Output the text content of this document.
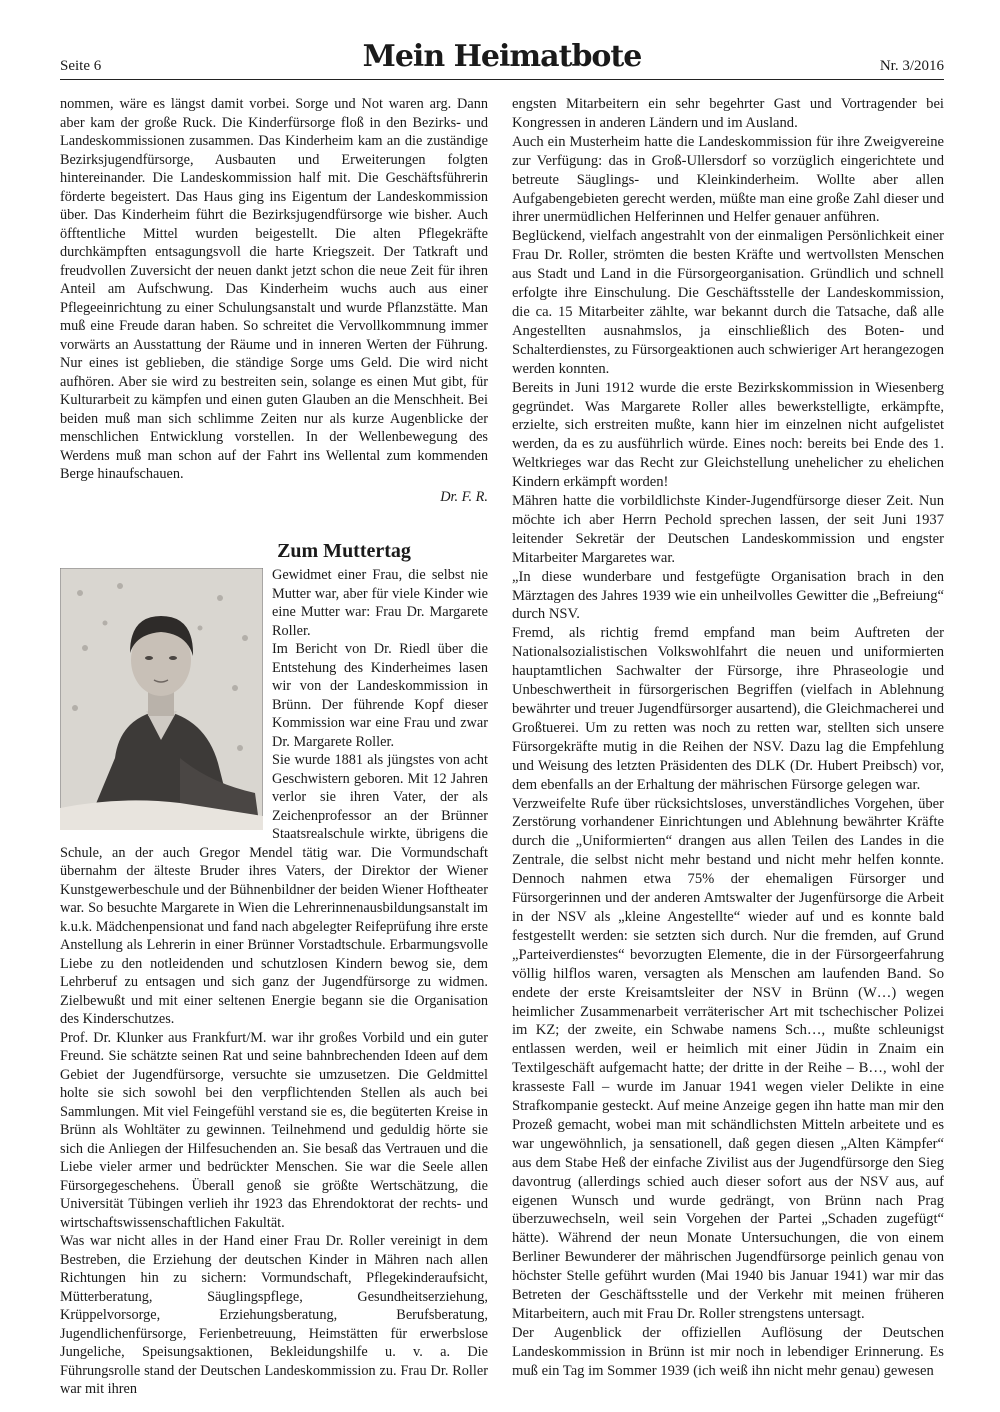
Seite 6	Mein Heimatbote	Nr. 3/2016

nommen, wäre es längst damit vorbei. Sorge und Not waren arg. Dann aber kam der große Ruck. Die Kinderfürsorge floß in den Bezirks- und Landeskommissionen zusammen. Das Kinderheim kam an die zuständige Bezirksjugendfürsorge, Ausbauten und Erweiterungen folgten hintereinander. Die Landeskommission half mit. Die Geschäftsführerin förderte begeistert. Das Haus ging ins Eigentum der Landeskommission über. Das Kinderheim führt die Bezirksjugendfürsorge wie bisher. Auch öfftentliche Mittel wurden beigestellt. Die alten Pflegekräfte durchkämpften entsagungsvoll die harte Kriegszeit. Der Tatkraft und freudvollen Zuversicht der neuen dankt jetzt schon die neue Zeit für ihren Anteil am Aufschwung. Das Kinderheim wuchs auch aus einer Pflegeeinrichtung zu einer Schulungsanstalt und wurde Pflanzstätte. Man muß eine Freude daran haben. So schreitet die Vervollkommnung immer vorwärts an Ausstattung der Räume und in inneren Werten der Führung. Nur eines ist geblieben, die ständige Sorge ums Geld. Die wird nicht aufhören. Aber sie wird zu bestreiten sein, solange es einen Mut gibt, für Kulturarbeit zu kämpfen und einen guten Glauben an die Menschheit. Bei beiden muß man sich schlimme Zeiten nur als kurze Augenblicke der menschlichen Entwicklung vorstellen. In der Wellenbewegung des Werdens muß man schon auf der Fahrt ins Wellental zum kommenden Berge hinaufschauen.

Dr. F. R.
Zum Muttertag

Gewidmet einer Frau, die selbst nie Mutter war, aber für viele Kinder wie eine Mutter war: Frau Dr. Margarete Roller.

Im Bericht von Dr. Riedl über die Entstehung des Kinderheimes lasen wir von der Landeskommission in Brünn. Der führende Kopf dieser Kommission war eine Frau und zwar Dr. Margarete Roller.

Sie wurde 1881 als jüngstes von acht Geschwistern geboren. Mit 12 Jahren verlor sie ihren Vater, der als Zeichenprofessor an der Brünner Staatsrealschule wirkte, übrigens die Schule, an der auch Gregor Mendel tätig war. Die Vormundschaft übernahm der älteste Bruder ihres Vaters, der Direktor der Wiener Kunstgewerbeschule und der Bühnenbildner der beiden Wiener Hoftheater war. So besuchte Margarete in Wien die Lehrerinnenausbildungsanstalt im k.u.k. Mädchenpensionat und fand nach abgelegter Reifeprüfung ihre erste Anstellung als Lehrerin in einer Brünner Vorstadtschule. Erbarmungsvolle Liebe zu den notleidenden und schutzlosen Kindern bewog sie, dem Lehrberuf zu entsagen und sich ganz der Jugendfürsorge zu widmen. Zielbewußt und mit einer seltenen Energie begann sie die Organisation des Kinderschutzes.

Prof. Dr. Klunker aus Frankfurt/M. war ihr großes Vorbild und ein guter Freund. Sie schätzte seinen Rat und seine bahnbrechenden Ideen auf dem Gebiet der Jugendfürsorge, versuchte sie umzusetzen. Die Geldmittel holte sie sich sowohl bei den verpflichtenden Stellen als auch bei Sammlungen. Mit viel Feingefühl verstand sie es, die begüterten Kreise in Brünn als Wohltäter zu gewinnen. Teilnehmend und geduldig hörte sie sich die Anliegen der Hilfesuchenden an. Sie besaß das Vertrauen und die Liebe vieler armer und bedrückter Menschen. Sie war die Seele allen Fürsorgegeschehens. Überall genoß sie größte Wertschätzung, die Universität Tübingen verlieh ihr 1923 das Ehrendoktorat der rechts- und wirtschaftswissenschaftlichen Fakultät.

Was war nicht alles in der Hand einer Frau Dr. Roller vereinigt in dem Bestreben, die Erziehung der deutschen Kinder in Mähren nach allen Richtungen hin zu sichern: Vormundschaft, Pflegekinderaufsicht, Mütterberatung, Säuglingspflege, Gesundheitserziehung, Krüppelvorsorge, Erziehungsberatung, Berufsberatung, Jugendlichenfürsorge, Ferienbetreuung, Heimstätten für erwerbslose Jungeliche, Speisungsaktionen, Bekleidungshilfe u. v. a. Die Führungsrolle stand der Deutschen Landeskommission zu. Frau Dr. Roller war mit ihren

engsten Mitarbeitern ein sehr begehrter Gast und Vortragender bei Kongressen in anderen Ländern und im Ausland.

Auch ein Musterheim hatte die Landeskommission für ihre Zweigvereine zur Verfügung: das in Groß-Ullersdorf so vorzüglich eingerichtete und betreute Säuglings- und Kleinkinderheim. Wollte aber allen Aufgabengebieten gerecht werden, müßte man eine große Zahl dieser und ihrer unermüdlichen Helferinnen und Helfer genauer anführen.

Beglückend, vielfach angestrahlt von der einmaligen Persönlichkeit einer Frau Dr. Roller, strömten die besten Kräfte und wertvollsten Menschen aus Stadt und Land in die Fürsorgeorganisation. Gründlich und schnell erfolgte ihre Einschulung. Die Geschäftsstelle der Landeskommission, die ca. 15 Mitarbeiter zählte, war bekannt durch die Tatsache, daß alle Angestellten ausnahmslos, ja einschließlich des Boten- und Schalterdienstes, zu Fürsorgeaktionen auch schwieriger Art herangezogen werden konnten.

Bereits in Juni 1912 wurde die erste Bezirkskommission in Wiesenberg gegründet. Was Margarete Roller alles bewerkstelligte, erkämpfte, erzielte, sich erstreiten mußte, kann hier im einzelnen nicht aufgelistet werden, da es zu ausführlich würde. Eines noch: bereits bei Ende des 1. Weltkrieges war das Recht zur Gleichstellung unehelicher zu ehelichen Kindern erkämpft worden!

Mähren hatte die vorbildlichste Kinder-Jugendfürsorge dieser Zeit. Nun möchte ich aber Herrn Pechold sprechen lassen, der seit Juni 1937 leitender Sekretär der Deutschen Landeskommission und engster Mitarbeiter Margaretes war.

„In diese wunderbare und festgefügte Organisation brach in den Märztagen des Jahres 1939 wie ein unheilvolles Gewitter die „Befreiung“ durch NSV.

Fremd, als richtig fremd empfand man beim Auftreten der Nationalsozialistischen Volkswohlfahrt die neuen und uniformierten hauptamtlichen Sachwalter der Fürsorge, ihre Phraseologie und Unbeschwertheit in fürsorgerischen Begriffen (vielfach in Ablehnung bewährter und treuer Jugendfürsorger ausartend), die Gleichmacherei und Großtuerei. Um zu retten was noch zu retten war, stellten sich unsere Fürsorgekräfte mutig in die Reihen der NSV. Dazu lag die Empfehlung und Weisung des letzten Präsidenten des DLK (Dr. Hubert Preibsch) vor, dem ebenfalls an der Erhaltung der mährischen Fürsorge gelegen war.

Verzweifelte Rufe über rücksichtsloses, unverständliches Vorgehen, über Zerstörung vorhandener Einrichtungen und Ablehnung bewährter Kräfte durch die „Uniformierten“ drangen aus allen Teilen des Landes in die Zentrale, die selbst nicht mehr bestand und nicht mehr helfen konnte. Dennoch nahmen etwa 75% der ehemaligen Fürsorger und Fürsorgerinnen und der anderen Amtswalter der Jugenfürsorge die Arbeit in der NSV als „kleine Angestellte“ wieder auf und es konnte bald festgestellt werden: sie setzten sich durch. Nur die fremden, auf Grund „Parteiverdienstes“ bevorzugten Elemente, die in der Fürsorgeerfahrung völlig hilflos waren, versagten als Menschen am laufenden Band. So endete der erste Kreisamtsleiter der NSV in Brünn (W…) wegen heimlicher Zusammenarbeit verräterischer Art mit tschechischer Polizei im KZ; der zweite, ein Schwabe namens Sch…, mußte schleunigst entlassen werden, weil er heimlich mit einer Jüdin in Znaim ein Textilgeschäft aufgemacht hatte; der dritte in der Reihe – B…, wohl der krasseste Fall – wurde im Januar 1941 wegen vieler Delikte in eine Strafkompanie gesteckt. Auf meine Anzeige gegen ihn hatte man mir den Prozeß gemacht, wobei man mit schändlichsten Mitteln arbeitete und es war ungewöhnlich, ja sensationell, daß gegen diesen „Alten Kämpfer“ aus dem Stabe Heß der einfache Zivilist aus der Jugendfürsorge den Sieg davontrug (allerdings schied auch dieser sofort aus der NSV aus, auf eigenen Wunsch und wurde gedrängt, von Brünn nach Prag überzuwechseln, weil sein Vorgehen der Partei „Schaden zugefügt“ hätte). Während der neun Monate Untersuchungen, die von einem Berliner Bewunderer der mährischen Jugendfürsorge peinlich genau von höchster Stelle geführt wurden (Mai 1940 bis Januar 1941) war mir das Betreten der Geschäftsstelle und der Verkehr mit meinen früheren Mitarbeitern, auch mit Frau Dr. Roller strengstens untersagt.

Der Augenblick der offiziellen Auflösung der Deutschen Landeskommission in Brünn ist mir noch in lebendiger Erinnerung. Es muß ein Tag im Sommer 1939 (ich weiß ihn nicht mehr genau) gewesen
